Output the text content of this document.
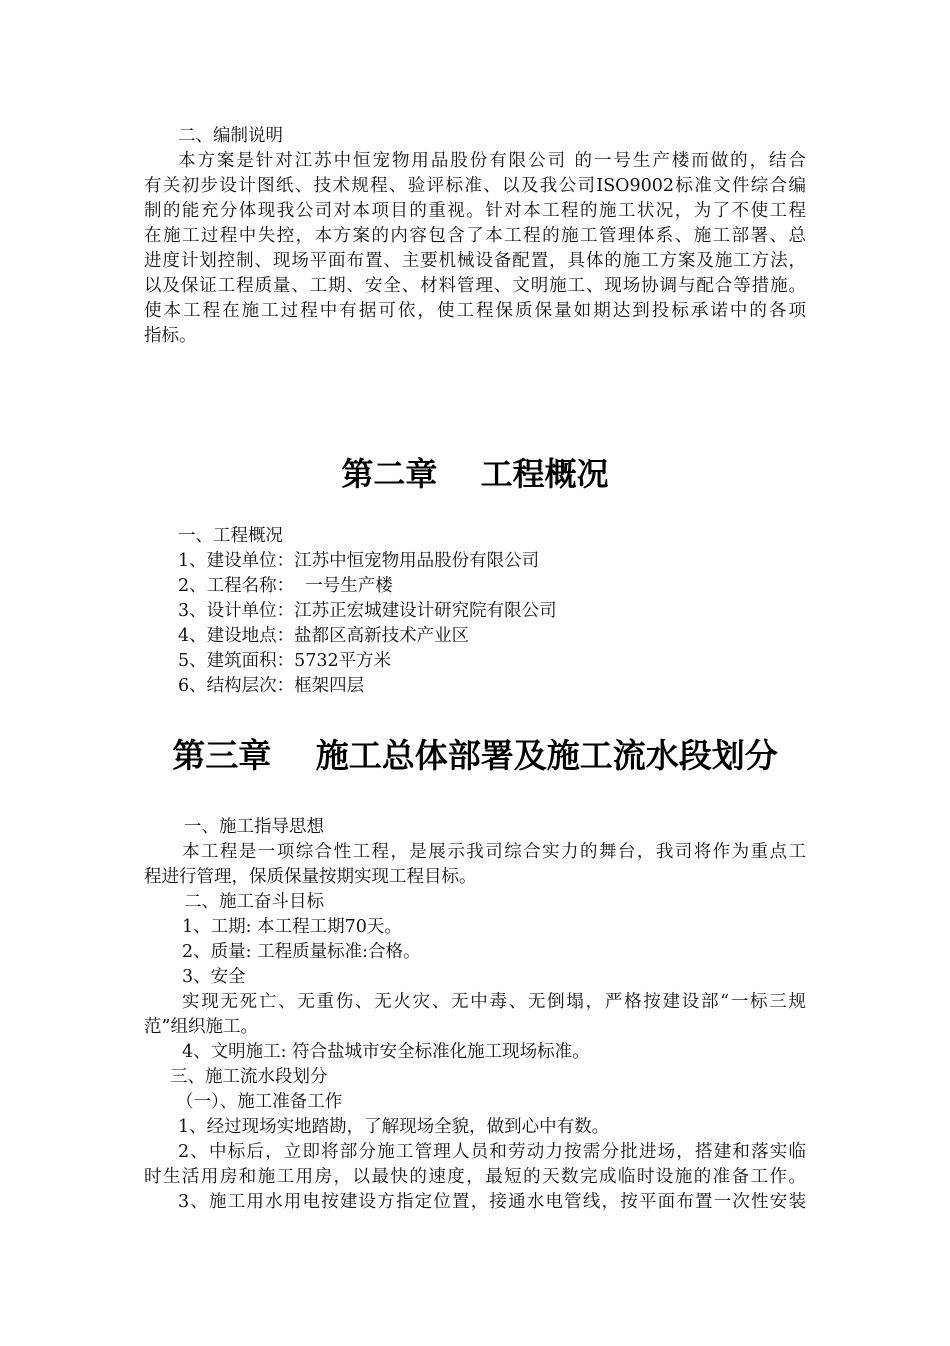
二、编制说明
本方案是针对江苏中恒宠物用品股份有限公司 的一号生产楼而做的，结合
有关初步设计图纸、技术规程、验评标准、以及我公司ISO9002标准文件综合编
制的能充分体现我公司对本项目的重视。针对本工程的施工状况，为了不使工程
在施工过程中失控，本方案的内容包含了本工程的施工管理体系、施工部署、总
进度计划控制、现场平面布置、主要机械设备配置，具体的施工方案及施工方法，
以及保证工程质量、工期、安全、材料管理、文明施工、现场协调与配合等措施。
使本工程在施工过程中有据可依，使工程保质保量如期达到投标承诺中的各项
指标。
第二章　 工程概况
一、工程概况
1、建设单位：江苏中恒宠物用品股份有限公司
2、工程名称：  一号生产楼
3、设计单位：江苏正宏城建设计研究院有限公司
4、建设地点：盐都区高新技术产业区
5、建筑面积：5732平方米
6、结构层次：框架四层
第三章　 施工总体部署及施工流水段划分
一、施工指导思想
本工程是一项综合性工程，是展示我司综合实力的舞台，我司将作为重点工
程进行管理，保质保量按期实现工程目标。
二、施工奋斗目标
1、工期: 本工程工期70天。
2、质量: 工程质量标准:合格。
3、安全
实现无死亡、无重伤、无火灾、无中毒、无倒塌，严格按建设部“一标三规
范”组织施工。
4、文明施工: 符合盐城市安全标准化施工现场标准。
三、施工流水段划分
（一）、施工准备工作
1、经过现场实地踏勘，了解现场全貌，做到心中有数。
2、中标后，立即将部分施工管理人员和劳动力按需分批进场，搭建和落实临
时生活用房和施工用房，以最快的速度，最短的天数完成临时设施的准备工作。
3、施工用水用电按建设方指定位置，接通水电管线，按平面布置一次性安装
